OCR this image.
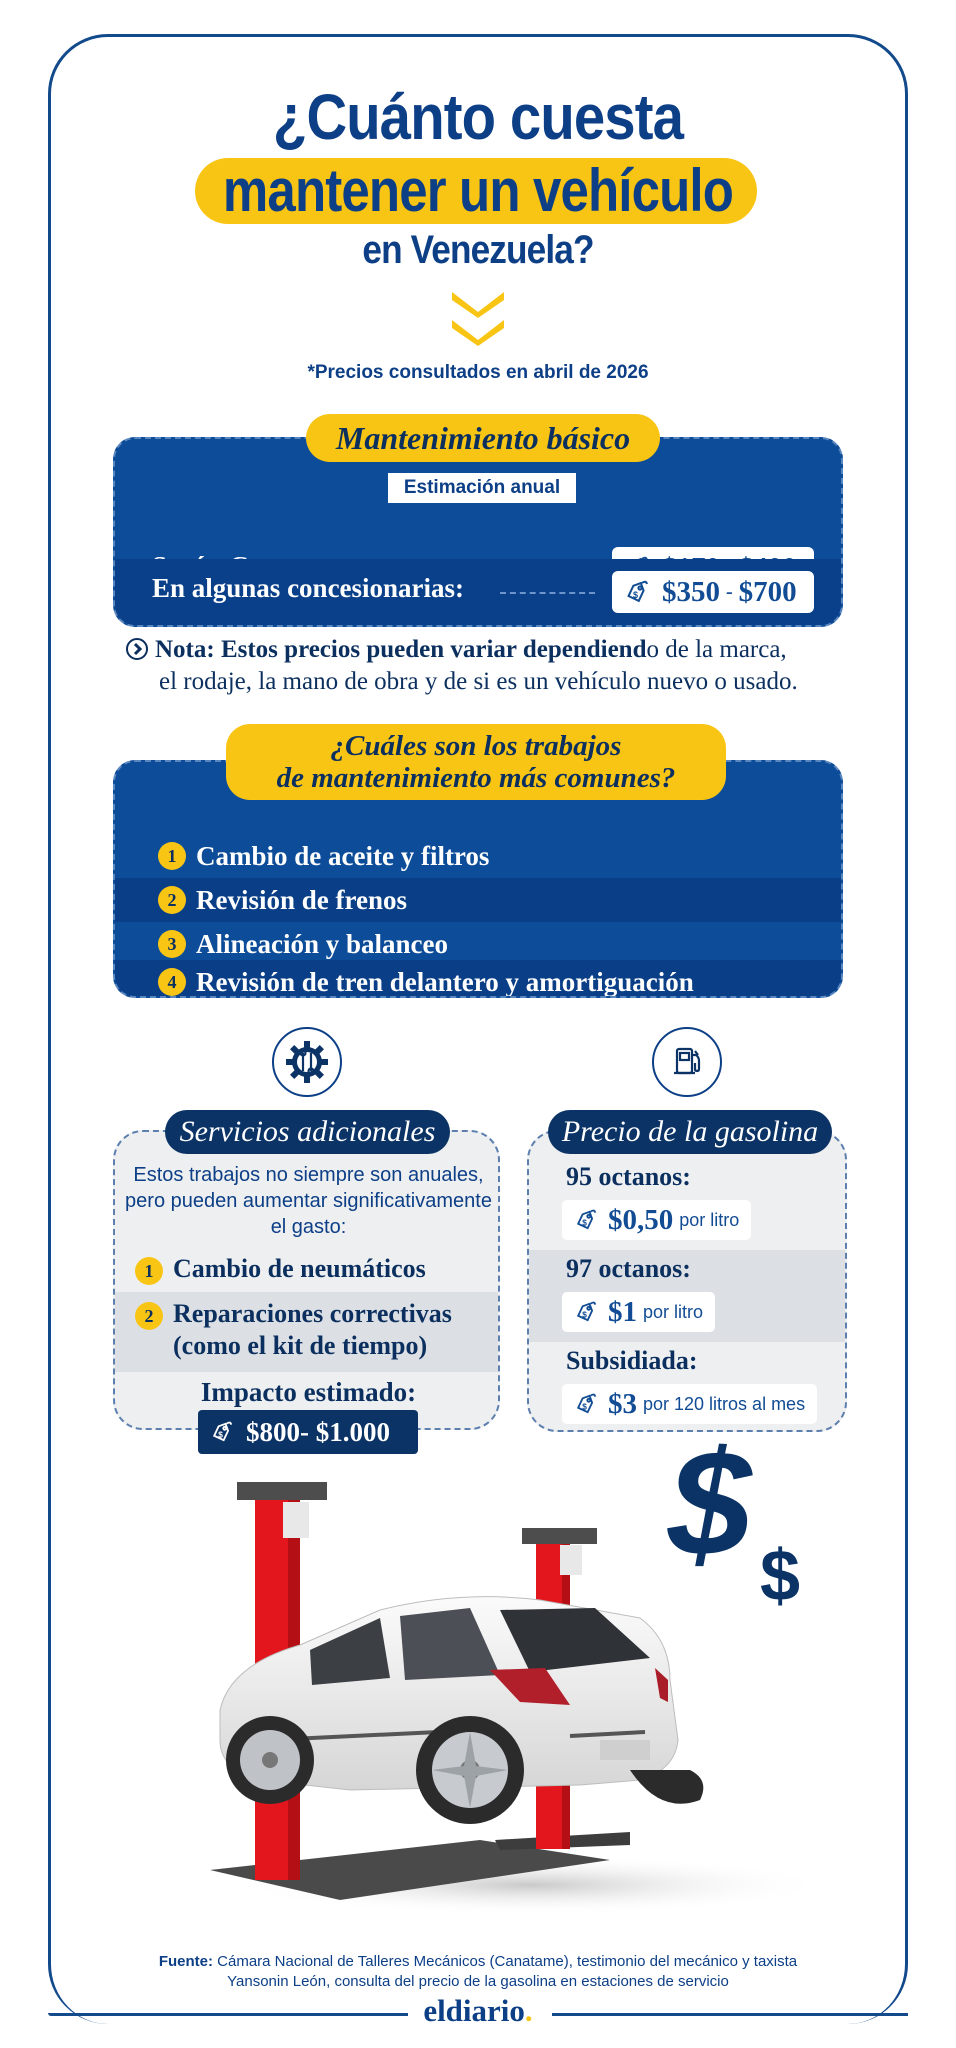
¿Cuánto cuesta
mantener un vehículo
en Venezuela?
*Precios consultados en abril de 2026
Mantenimiento básico
Estimación anual
En algunas concesionarias:	$ $350 - $700
Nota: Estos precios pueden variar dependiendo de la marca,
el rodaje, la mano de obra y de si es un vehículo nuevo o usado.
¿Cuáles son los trabajos
de mantenimiento más comunes?
1 Cambio de aceite y filtros
2 Revisión de frenos
3 Alineación y balanceo
4 Revisión de tren delantero y amortiguación
Servicios adicionales
Estos trabajos no siempre son anuales, pero pueden aumentar significativamente el gasto:
1 Cambio de neumáticos
2 Reparaciones correctivas (como el kit de tiempo)
Impacto estimado:
$ $800- $1.000
Precio de la gasolina
95 octanos:
$ $0,50 por litro
97 octanos:
$ $1 por litro
Subsidiada:
$ $3 por 120 litros al mes
$ $
Fuente: Cámara Nacional de Talleres Mecánicos (Canatame), testimonio del mecánico y taxista
Yansonin León, consulta del precio de la gasolina en estaciones de servicio
eldiario.
